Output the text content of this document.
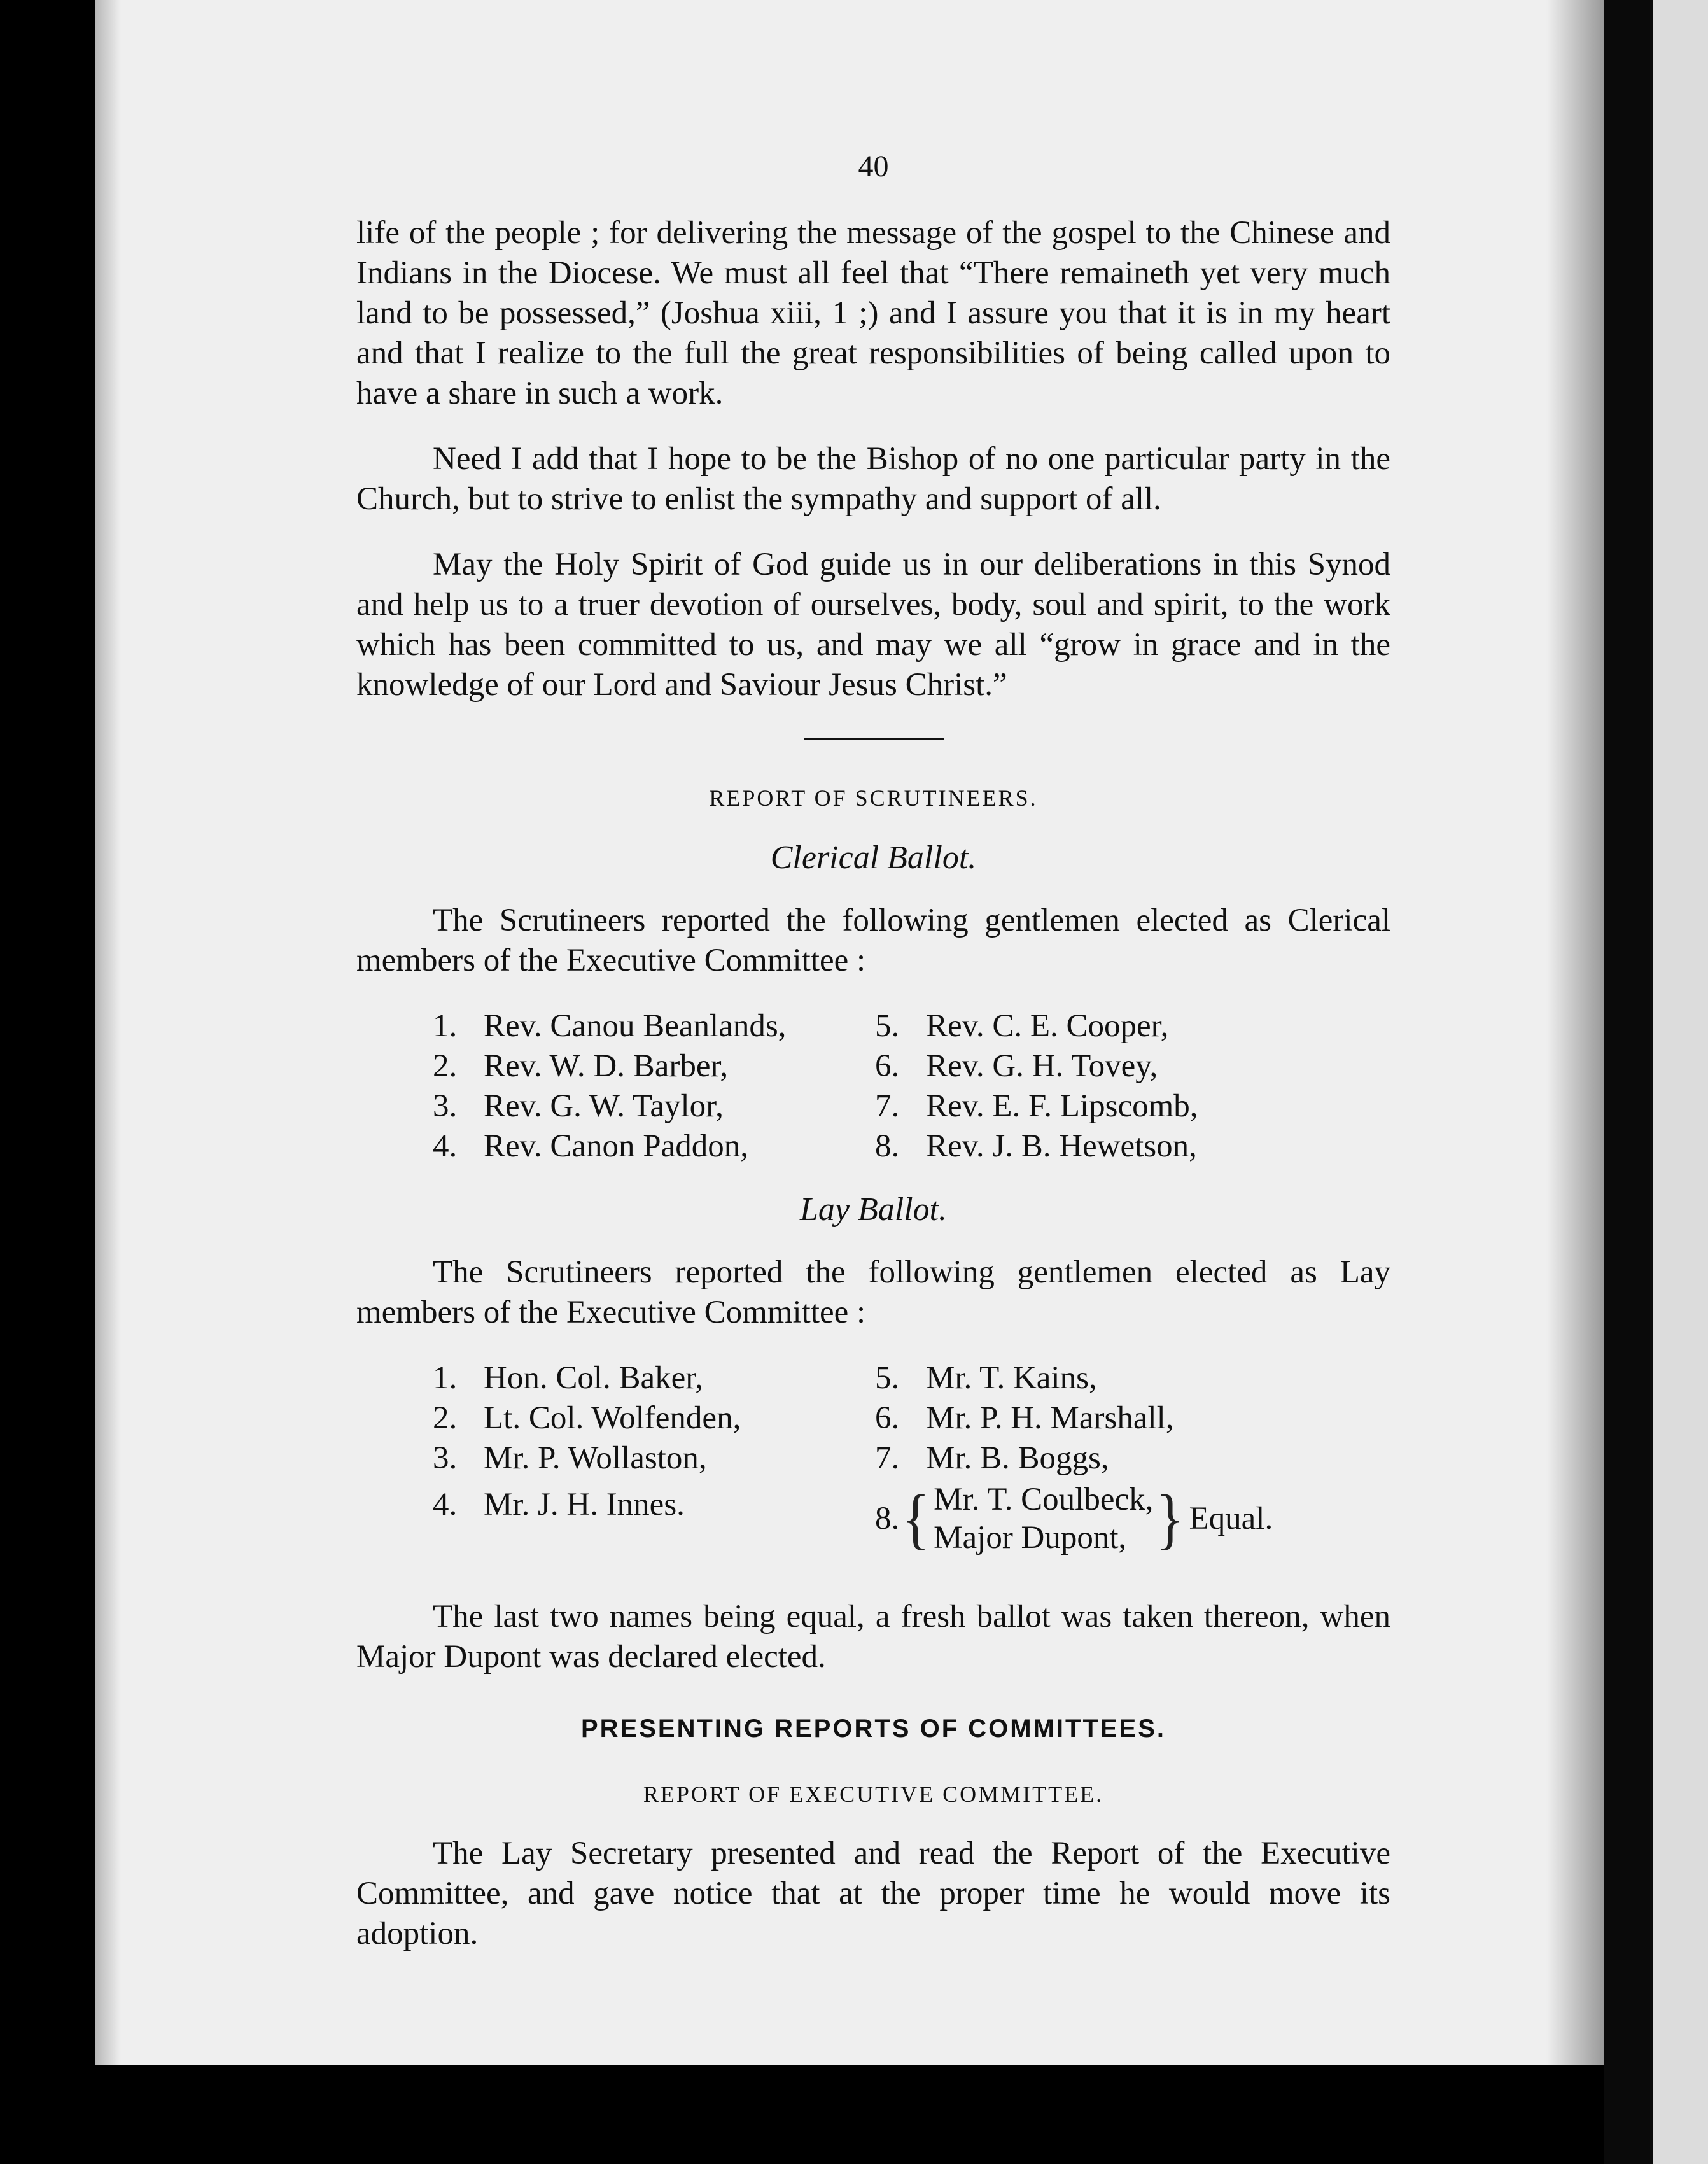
40

life of the people ; for delivering the message of the gospel to the Chinese and Indians in the Diocese. We must all feel that “There remaineth yet very much land to be possessed,” (Joshua xiii, 1 ;) and I assure you that it is in my heart and that I realize to the full the great responsibilities of being called upon to have a share in such a work.

Need I add that I hope to be the Bishop of no one particular party in the Church, but to strive to enlist the sympathy and support of all.

May the Holy Spirit of God guide us in our deliberations in this Synod and help us to a truer devotion of ourselves, body, soul and spirit, to the work which has been committed to us, and may we all “grow in grace and in the knowledge of our Lord and Saviour Jesus Christ.”

REPORT OF SCRUTINEERS.
Clerical Ballot.

The Scrutineers reported the following gentlemen elected as Clerical members of the Executive Committee :

1. Rev. Canou Beanlands,	5. Rev. C. E. Cooper,
2. Rev. W. D. Barber,	6. Rev. G. H. Tovey,
3. Rev. G. W. Taylor,	7. Rev. E. F. Lipscomb,
4. Rev. Canon Paddon,	8. Rev. J. B. Hewetson,
Lay Ballot.

The Scrutineers reported the following gentlemen elected as Lay members of the Executive Committee :

1. Hon. Col. Baker,	5. Mr. T. Kains,
2. Lt. Col. Wolfenden,	6. Mr. P. H. Marshall,
3. Mr. P. Wollaston,	7. Mr. B. Boggs,
4. Mr. J. H. Innes.	8. { Mr. T. Coulbeck,
Major Dupont, } Equal.

The last two names being equal, a fresh ballot was taken thereon, when Major Dupont was declared elected.

PRESENTING REPORTS OF COMMITTEES.
REPORT OF EXECUTIVE COMMITTEE.

The Lay Secretary presented and read the Report of the Executive Committee, and gave notice that at the proper time he would move its adoption.
